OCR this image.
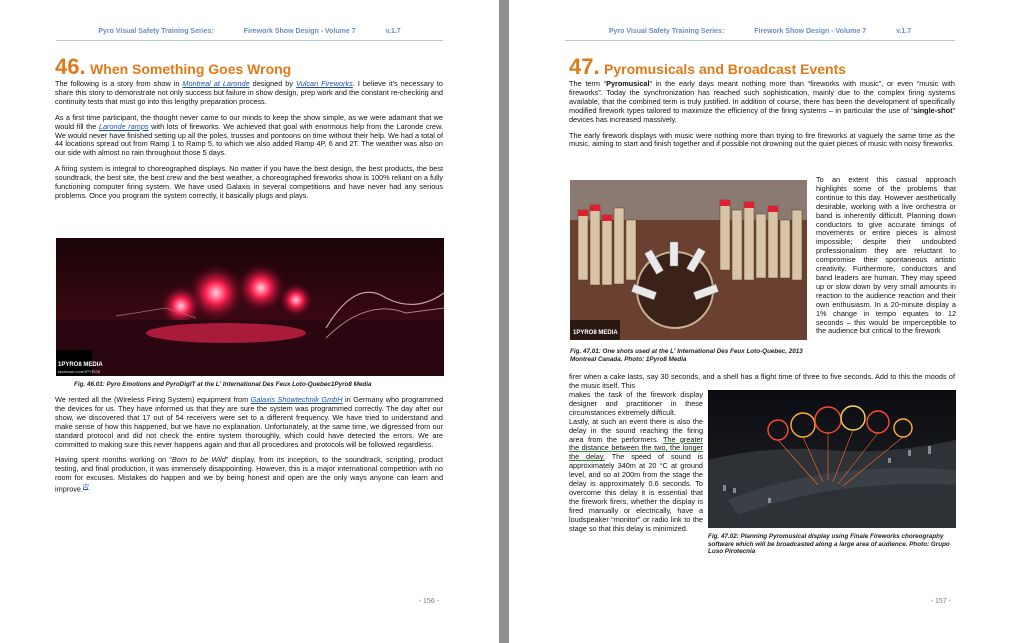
Pyro Visual Safety Training Series:	Firework Show Design - Volume 7	v.1.7
46. When Something Goes Wrong

The following is a story from show in Montreal at Laronde designed by Vulcan Fireworks. I believe it's necessary to share this story to demonstrate not only success but failure in show design, prep work and the constant re-checking and continuity tests that must go into this lengthy preparation process.

As a first time participant, the thought never came to our minds to keep the show simple, as we were adamant that we would fill the Laronde ramps with lots of fireworks. We achieved that goal with enormous help from the Laronde crew. We would never have finished setting up all the poles, trusses and pontoons on time without their help. We had a total of 44 locations spread out from Ramp 1 to Ramp 5, to which we also added Ramp 4P, 6 and 2T. The weather was also on our side with almost no rain throughout those 5 days.

A firing system is integral to choreographed displays. No matter if you have the best design, the best products, the best soundtrack, the best site, the best crew and the best weather, a choreographed fireworks show is 100% reliant on a fully functioning computer firing system. We have used Galaxis in several competitions and have never had any serious problems. Once you program the system correctly, it basically plugs and plays.

1PYRO8 MEDIA
facebook.com/1PYRO8
Fig. 46.01: Pyro Emotions and PyroDigIT at the L' International Des Feux Loto-Quebec1Pyro8 Media

We rented all the (Wireless Firing System) equipment from Galaxis Showtechnik GmbH in Germany who programmed the devices for us. They have informed us that they are sure the system was programmed correctly. The day after our show, we discovered that 17 out of 54 receivers were set to a different frequency. We have tried to understand and make sense of how this happened, but we have no explanation. Unfortunately, at the same time, we digressed from our standard protocol and did not check the entire system thoroughly, which could have detected the errors. We are committed to making sure this never happens again and that all procedures and protocols will be followed regardless.

Having spent months working on “Born to be Wild” display, from its inception, to the soundtrack, scripting, product testing, and final production, it was immensely disappointing. However, this is a major international competition with no room for excuses. Mistakes do happen and we by being honest and open are the only ways anyone can learn and improve.[2]

- 156 -
Pyro Visual Safety Training Series:	Firework Show Design - Volume 7	v.1.7
47. Pyromusicals and Broadcast Events

The term “Pyromusical” in the early days meant nothing more than “fireworks with music”, or even “music with fireworks”. Today the synchronization has reached such sophistication, mainly due to the complex firing systems available, that the combined term is truly justified. In addition of course, there has been the development of specifically modified firework types tailored to maximize the efficiency of the firing systems – in particular the use of “single-shot” devices has increased massively.

The early firework displays with music were nothing more than trying to fire fireworks at vaguely the same time as the music, aiming to start and finish together and if possible not drowning out the quiet pieces of music with noisy fireworks.

1PYRO8 MEDIA
Fig. 47.01: One shots used at the L' International Des Feux Loto-Quebec, 2013 Montreal Canada. Photo: 1Pyro8 Media

To an extent this casual approach highlights some of the problems that continue to this day. However aesthetically desirable, working with a live orchestra or band is inherently difficult. Planning down conductors to give accurate timings of movements or entire pieces is almost impossible; despite their undoubted professionalism they are reluctant to compromise their spontaneous artistic creativity. Furthermore, conductors and band leaders are human. They may speed up or slow down by very small amounts in reaction to the audience reaction and their own enthusiasm. In a 20-minute display a 1% change in tempo equates to 12 seconds – this would be imperceptible to the audience but critical to the firework

firer when a cake lasts, say 30 seconds, and a shell has a flight time of three to five seconds. Add to this the moods of the music itself. This

makes the task of the firework display designer and practitioner in these circumstances extremely difficult.

Lastly, at such an event there is also the delay in the sound reaching the firing area from the performers. The greater the distance between the two, the longer the delay. The speed of sound is approximately 340m at 20 °C at ground level, and so at 200m from the stage the delay is approximately 0.6 seconds. To overcome this delay it is essential that the firework firers, whether the display is fired manually or electrically, have a loudspeaker “monitor” or radio link to the stage so that this delay is minimized.

Fig. 47.02: Planning Pyromusical display using Finale Fireworks choreography software which will be broadcasted along a large area of audience. Photo: Grupo Luso Pirotecnia
- 157 -
